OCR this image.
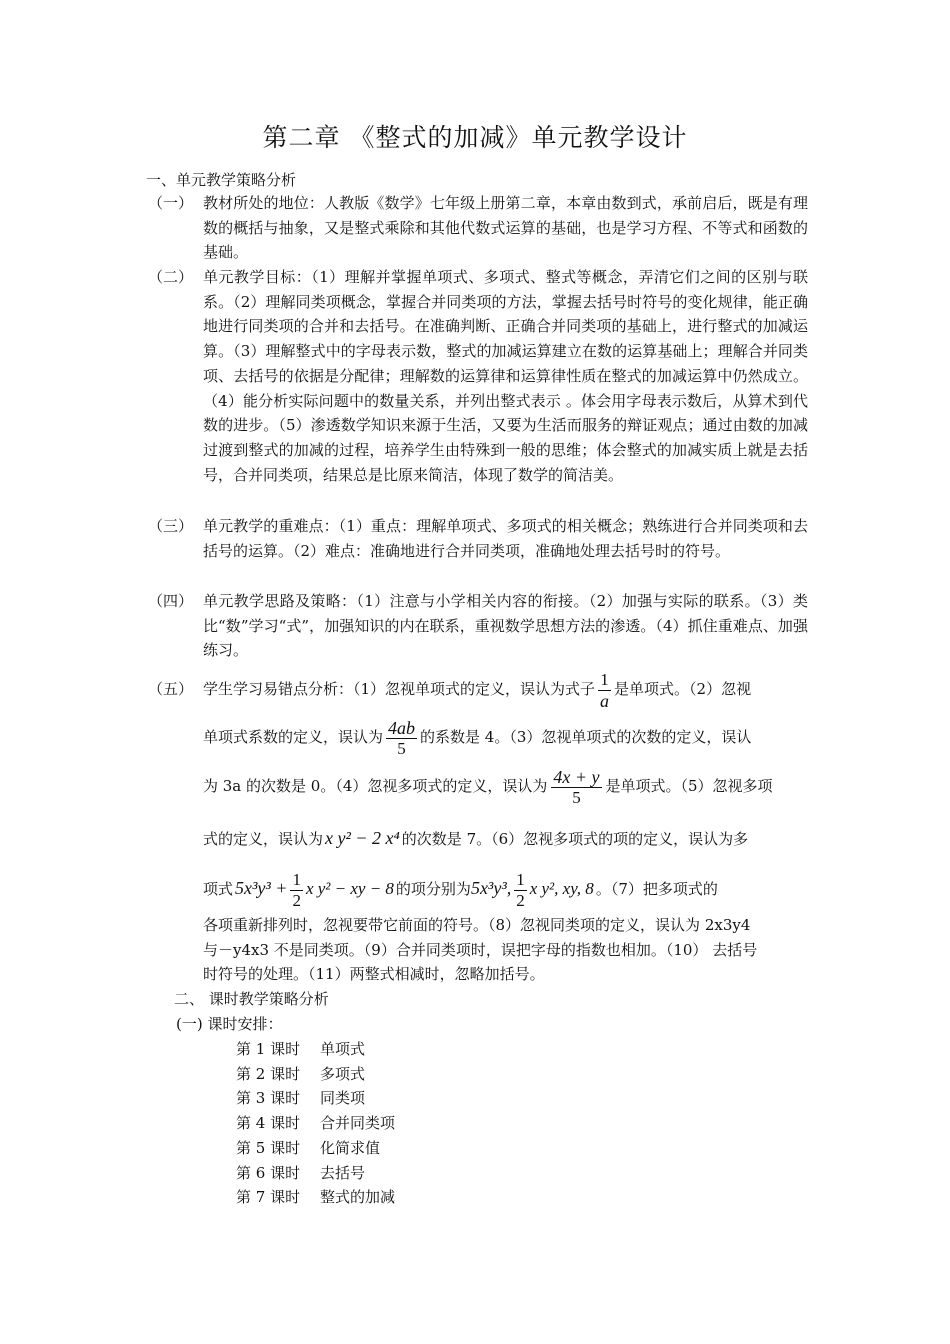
第二章 《整式的加减》单元教学设计
一、单元教学策略分析
（一） 教材所处的地位：人教版《数学》七年级上册第二章，本章由数到式，承前启后，既是有理数的概括与抽象，又是整式乘除和其他代数式运算的基础，也是学习方程、不等式和函数的基础。
（二） 单元教学目标：（1）理解并掌握单项式、多项式、整式等概念，弄清它们之间的区别与联系。（2）理解同类项概念，掌握合并同类项的方法，掌握去括号时符号的变化规律，能正确地进行同类项的合并和去括号。在准确判断、正确合并同类项的基础上，进行整式的加减运算。（3）理解整式中的字母表示数，整式的加减运算建立在数的运算基础上；理解合并同类项、去括号的依据是分配律；理解数的运算律和运算律性质在整式的加减运算中仍然成立。（4）能分析实际问题中的数量关系，并列出整式表示 。体会用字母表示数后，从算术到代数的进步。（5）渗透数学知识来源于生活，又要为生活而服务的辩证观点；通过由数的加减过渡到整式的加减的过程，培养学生由特殊到一般的思维；体会整式的加减实质上就是去括号，合并同类项，结果总是比原来简洁，体现了数学的简洁美。
（三） 单元教学的重难点：（1）重点：理解单项式、多项式的相关概念；熟练进行合并同类项和去括号的运算。（2）难点：准确地进行合并同类项，准确地处理去括号时的符号。
（四） 单元教学思路及策略：（1）注意与小学相关内容的衔接。（2）加强与实际的联系。（3）类比“数”学习“式”，加强知识的内在联系，重视数学思想方法的渗透。（4）抓住重难点、加强练习。
（五） 学生学习易错点分析：（1）忽视单项式的定义，误认为式子 $\frac{1}{a}$ 是单项式。（2）忽视
单项式系数的定义，误认为 $\frac{4ab}{5}$ 的系数是 4。（3）忽视单项式的次数的定义，误认
为 3a 的次数是 0。（4）忽视多项式的定义，误认为 $\frac{4x + y}{5}$ 是单项式。（5）忽视多项
式的定义，误认为 x y² − 2 x⁴ 的次数是 7。（6）忽视多项式的项的定义，误认为多
项式 $5x^3y^3 + \frac{1}{2}$ x y² − xy − 8 的项分别为5x³y³, $\frac{1}{2}$ x y², xy, 8 。（7）把多项式的
各项重新排列时，忽视要带它前面的符号。（8）忽视同类项的定义，误认为 2x3y4
与－y4x3 不是同类项。（9）合并同类项时，误把字母的指数也相加。（10） 去括号
时符号的处理。（11）两整式相减时，忽略加括号。
二、 课时教学策略分析
(一) 课时安排：
第 1 课时 单项式
第 2 课时 多项式
第 3 课时 同类项
第 4 课时 合并同类项
第 5 课时 化简求值
第 6 课时 去括号
第 7 课时 整式的加减
